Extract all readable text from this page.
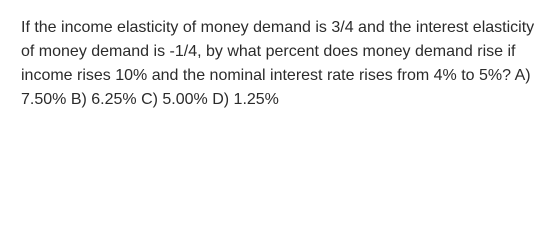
If the income elasticity of money demand is 3/4 and the interest elasticity of money demand is -1/4, by what percent does money demand rise if income rises 10% and the nominal interest rate rises from 4% to 5%? A) 7.50% B) 6.25% C) 5.00% D) 1.25%
